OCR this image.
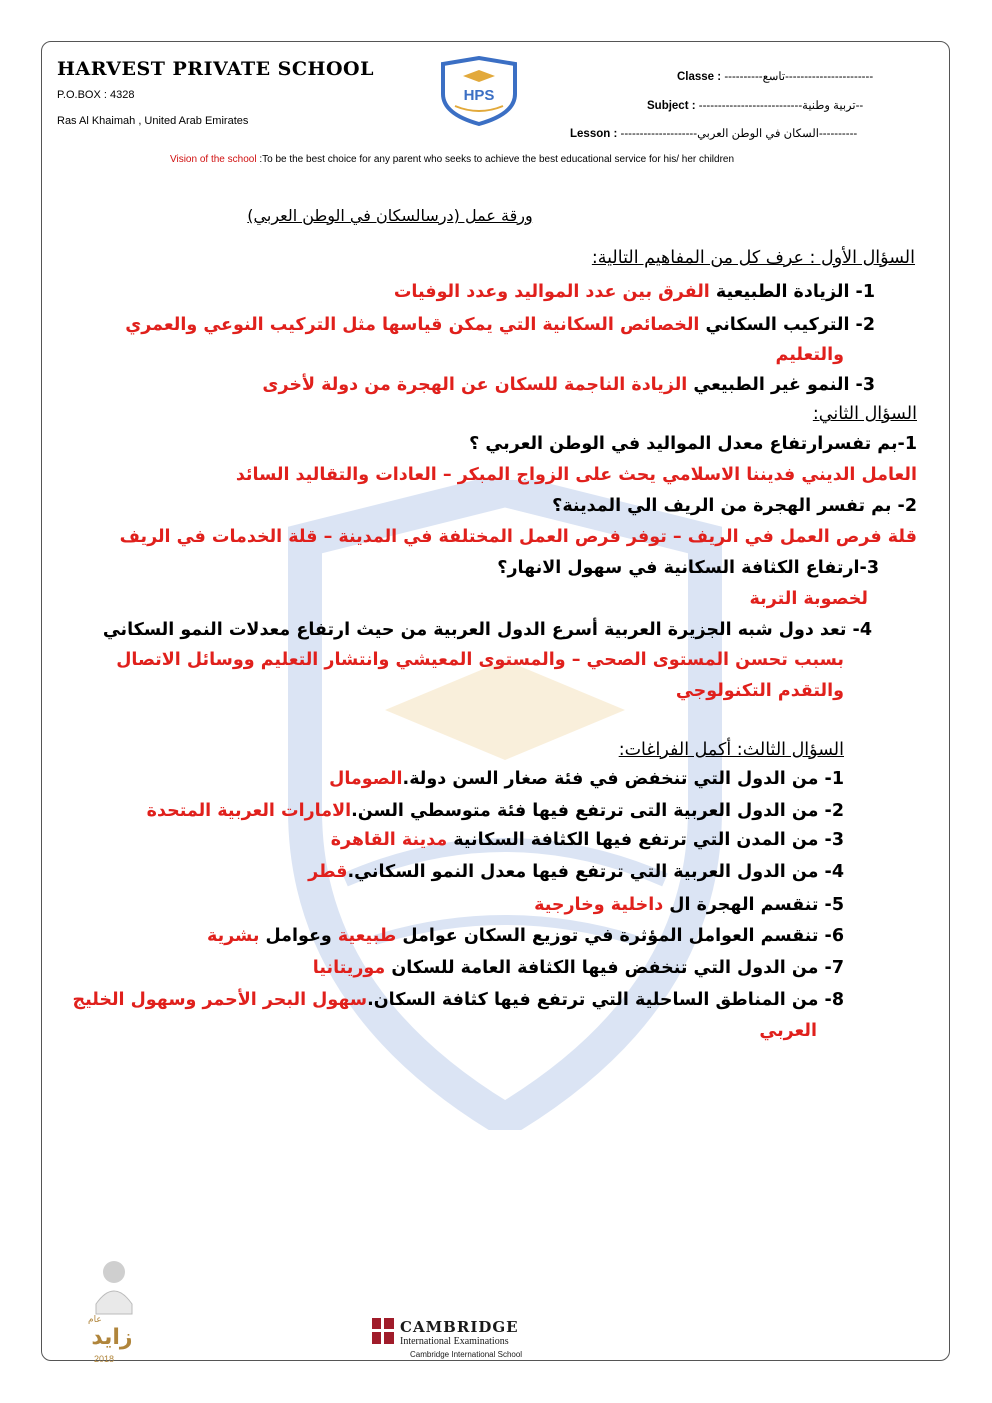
HARVEST PRIVATE SCHOOL
P.O.BOX : 4328
Ras Al Khaimah , United Arab Emirates
HPS
Classe : ----------تاسع-----------------------
Subject : ---------------------------تربية وطنية--
Lesson : --------------------السكان في الوطن العربي----------
Vision of the school :To be the best choice for any parent who seeks to achieve the best educational service for his/ her children
ورقة عمل (درسالسكان في الوطن العربي)
السؤال الأول : عرف كل من المفاهيم التالية:
1- الزيادة الطبيعية الفرق بين عدد المواليد وعدد الوفيات
2- التركيب السكاني الخصائص السكانية التي يمكن قياسها مثل التركيب النوعي والعمري
والتعليم
3- النمو غير الطبيعي الزيادة الناجمة للسكان عن الهجرة من دولة لأخرى
السؤال الثاني:
1-بم تفسرارتفاع معدل المواليد في الوطن العربي ؟
العامل الديني فديننا الاسلامي يحث على الزواج المبكر – العادات والتقاليد السائد
2- بم تفسر الهجرة من الريف الي المدينة؟
قلة فرص العمل في الريف – توفر فرص العمل المختلفة في المدينة – قلة الخدمات في الريف
3-ارتفاع الكثافة السكانية في سهول الانهار؟
لخصوبة التربة
4- تعد دول شبه الجزيرة العربية أسرع الدول العربية من حيث ارتفاع معدلات النمو السكاني
بسبب تحسن المستوى الصحي – والمستوى المعيشي وانتشار التعليم ووسائل الاتصال
والتقدم التكنولوجي
السؤال الثالث: أكمل الفراغات:
1- من الدول التي تنخفض في فئة صغار السن دولة.الصومال
2- من الدول العربية التى ترتفع فيها فئة متوسطي السن.الامارات العربية المتحدة
3- من المدن التي ترتفع فيها الكثافة السكانية مدينة القاهرة
4- من الدول العربية التي ترتفع فيها معدل النمو السكاني.قطر
5- تنقسم الهجرة ال داخلية وخارجية
6- تنقسم العوامل المؤثرة في توزيع السكان عوامل طبيعية وعوامل بشرية
7- من الدول التي تنخفض فيها الكثافة العامة للسكان موريتانيا
8- من المناطق الساحلية التي ترتفع فيها كثافة السكان.سهول البحر الأحمر وسهول الخليج
العربي
عام
زايد
2018
CAMBRIDGE
International Examinations
Cambridge International School
